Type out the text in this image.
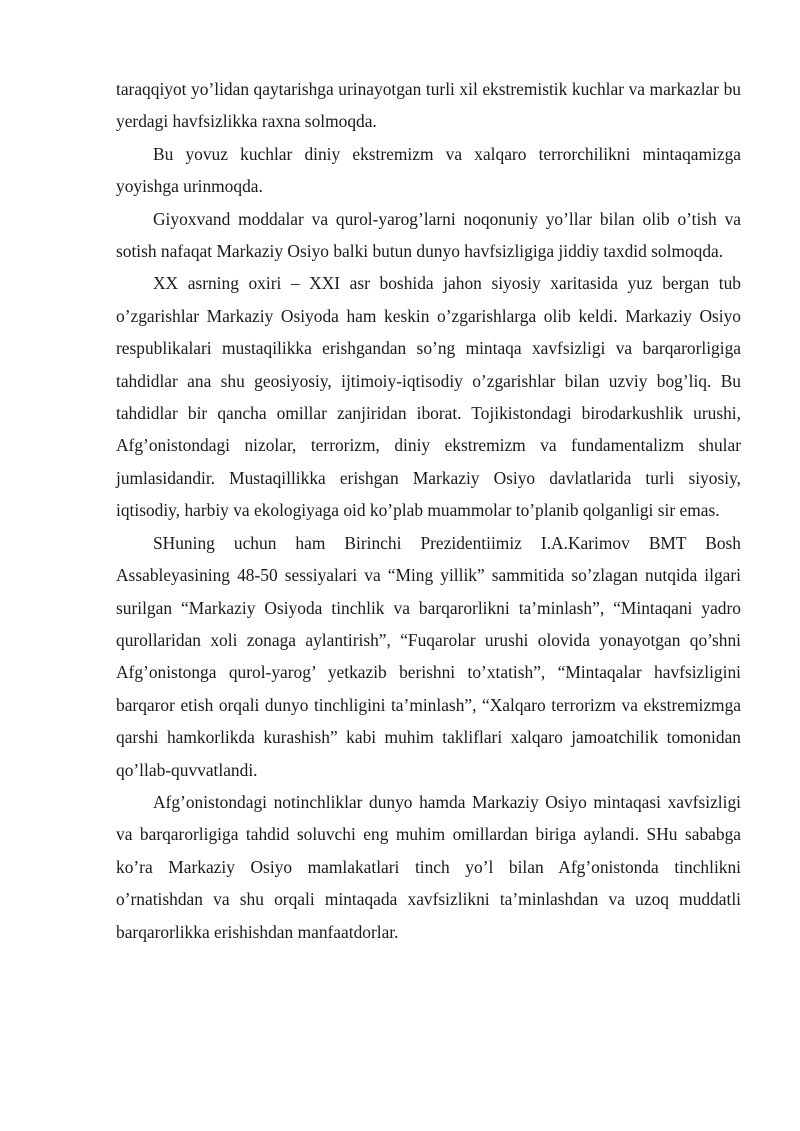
taraqqiyot yo’lidan qaytarishga urinayotgan turli xil ekstremistik kuchlar va markazlar bu yerdagi havfsizlikka raxna solmoqda.

Bu yovuz kuchlar diniy ekstremizm va xalqaro terrorchilikni mintaqamizga yoyishga urinmoqda.

Giyoxvand moddalar va qurol-yarog’larni noqonuniy yo’llar bilan olib o’tish va sotish nafaqat Markaziy Osiyo balki butun dunyo havfsizligiga jiddiy taxdid solmoqda.

XX asrning oxiri – XXI asr boshida jahon siyosiy xaritasida yuz bergan tub o’zgarishlar Markaziy Osiyoda ham keskin o’zgarishlarga olib keldi. Markaziy Osiyo respublikalari mustaqilikka erishgandan so’ng mintaqa xavfsizligi va barqarorligiga tahdidlar ana shu geosiyosiy, ijtimoiy-iqtisodiy o’zgarishlar bilan uzviy bog’liq. Bu tahdidlar bir qancha omillar zanjiridan iborat. Tojikistondagi birodarkushlik urushi, Afg’onistondagi nizolar, terrorizm, diniy ekstremizm va fundamentalizm shular jumlasidandir. Mustaqillikka erishgan Markaziy Osiyo davlatlarida turli siyosiy, iqtisodiy, harbiy va ekologiyaga oid ko’plab muammolar to’planib qolganligi sir emas.

SHuning uchun ham Birinchi Prezidentiimiz I.A.Karimov BMT Bosh Assableyasining 48-50 sessiyalari va “Ming yillik” sammitida so’zlagan nutqida ilgari surilgan “Markaziy Osiyoda tinchlik va barqarorlikni ta’minlash”, “Mintaqani yadro qurollaridan xoli zonaga aylantirish”, “Fuqarolar urushi olovida yonayotgan qo’shni Afg’onistonga qurol-yarog’ yetkazib berishni to’xtatish”, “Mintaqalar havfsizligini barqaror etish orqali dunyo tinchligini ta’minlash”, “Xalqaro terrorizm va ekstremizmga qarshi hamkorlikda kurashish” kabi muhim takliflari xalqaro jamoatchilik tomonidan qo’llab-quvvatlandi.

Afg’onistondagi notinchliklar dunyo hamda Markaziy Osiyo mintaqasi xavfsizligi va barqarorligiga tahdid soluvchi eng muhim omillardan biriga aylandi. SHu sababga ko’ra Markaziy Osiyo mamlakatlari tinch yo’l bilan Afg’onistonda tinchlikni o’rnatishdan va shu orqali mintaqada xavfsizlikni ta’minlashdan va uzoq muddatli barqarorlikka erishishdan manfaatdorlar.
